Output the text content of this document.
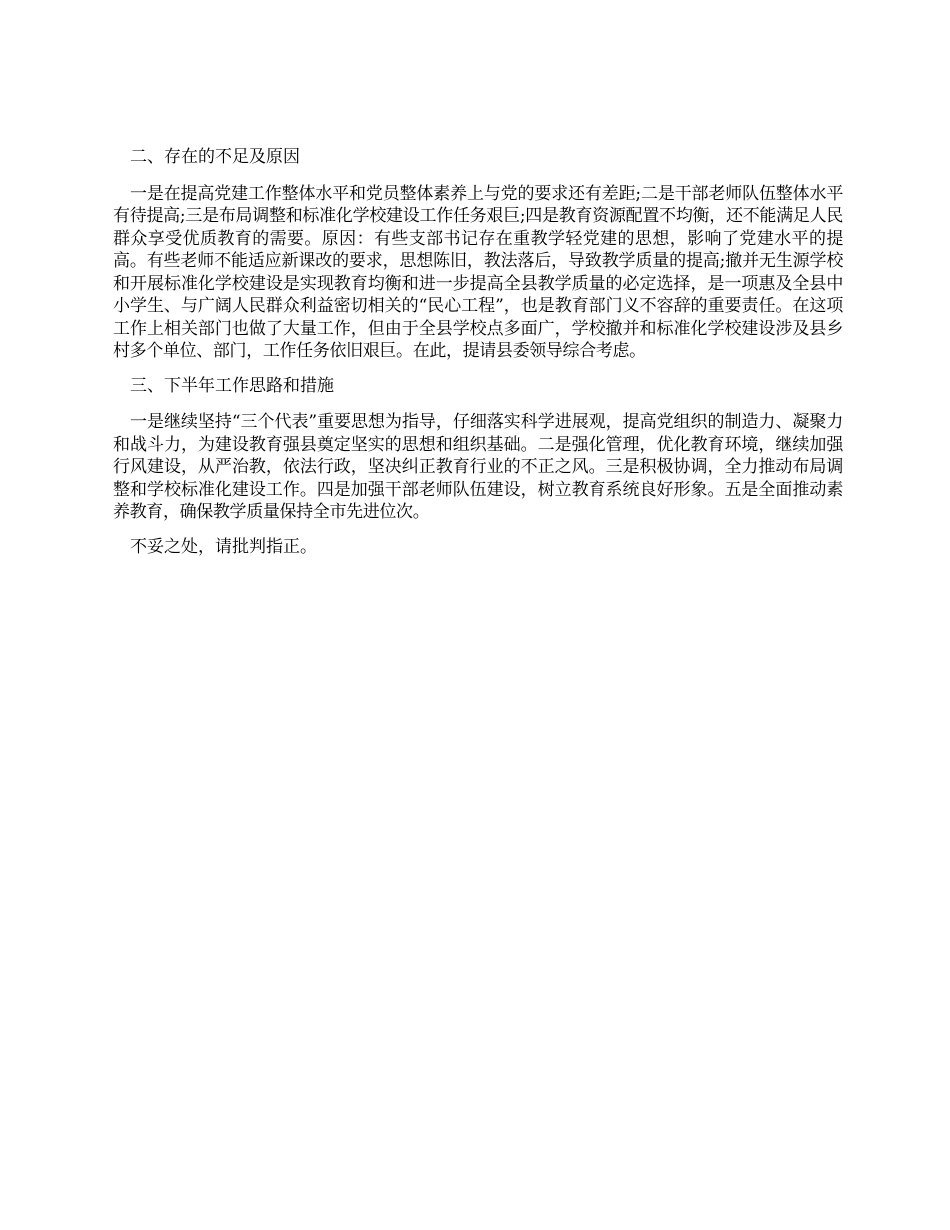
二、存在的不足及原因
一是在提高党建工作整体水平和党员整体素养上与党的要求还有差距;二是干部老师队伍整体水平有待提高;三是布局调整和标准化学校建设工作任务艰巨;四是教育资源配置不均衡，还不能满足人民群众享受优质教育的需要。原因：有些支部书记存在重教学轻党建的思想，影响了党建水平的提高。有些老师不能适应新课改的要求，思想陈旧，教法落后，导致教学质量的提高;撤并无生源学校和开展标准化学校建设是实现教育均衡和进一步提高全县教学质量的必定选择，是一项惠及全县中小学生、与广阔人民群众利益密切相关的“民心工程”，也是教育部门义不容辞的重要责任。在这项工作上相关部门也做了大量工作，但由于全县学校点多面广，学校撤并和标准化学校建设涉及县乡村多个单位、部门，工作任务依旧艰巨。在此，提请县委领导综合考虑。
三、下半年工作思路和措施
一是继续坚持“三个代表”重要思想为指导，仔细落实科学进展观，提高党组织的制造力、凝聚力和战斗力，为建设教育强县奠定坚实的思想和组织基础。二是强化管理，优化教育环境，继续加强行风建设，从严治教，依法行政，坚决纠正教育行业的不正之风。三是积极协调，全力推动布局调整和学校标准化建设工作。四是加强干部老师队伍建设，树立教育系统良好形象。五是全面推动素养教育，确保教学质量保持全市先进位次。
不妥之处，请批判指正。
